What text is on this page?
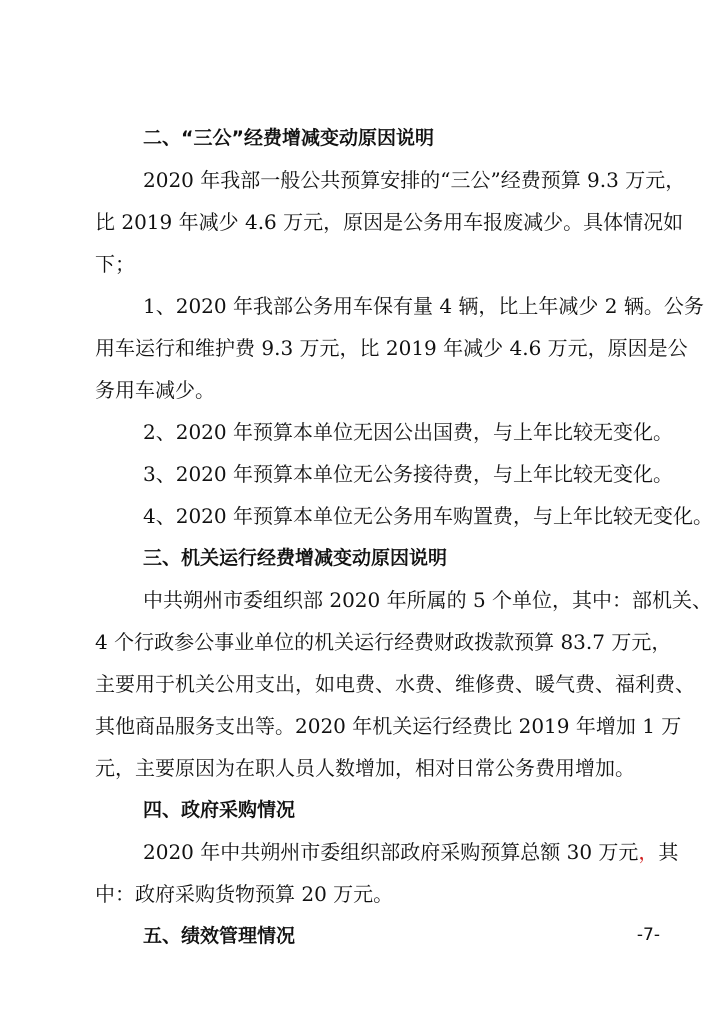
二、“三公”经费增减变动原因说明
2020 年我部一般公共预算安排的“三公”经费预算 9.3 万元，
比 2019 年减少 4.6 万元，原因是公务用车报废减少。具体情况如
下；
1、2020 年我部公务用车保有量 4 辆，比上年减少 2 辆。公务
用车运行和维护费 9.3 万元，比 2019 年减少 4.6 万元，原因是公
务用车减少。
2、2020 年预算本单位无因公出国费，与上年比较无变化。
3、2020 年预算本单位无公务接待费，与上年比较无变化。
4、2020 年预算本单位无公务用车购置费，与上年比较无变化。
三、机关运行经费增减变动原因说明
中共朔州市委组织部 2020 年所属的 5 个单位，其中：部机关、
4 个行政参公事业单位的机关运行经费财政拨款预算 83.7 万元，
主要用于机关公用支出，如电费、水费、维修费、暖气费、福利费、
其他商品服务支出等。2020 年机关运行经费比 2019 年增加 1 万
元，主要原因为在职人员人数增加，相对日常公务费用增加。
四、政府采购情况
2020 年中共朔州市委组织部政府采购预算总额 30 万元，其
中：政府采购货物预算 20 万元。
五、绩效管理情况	-7-
